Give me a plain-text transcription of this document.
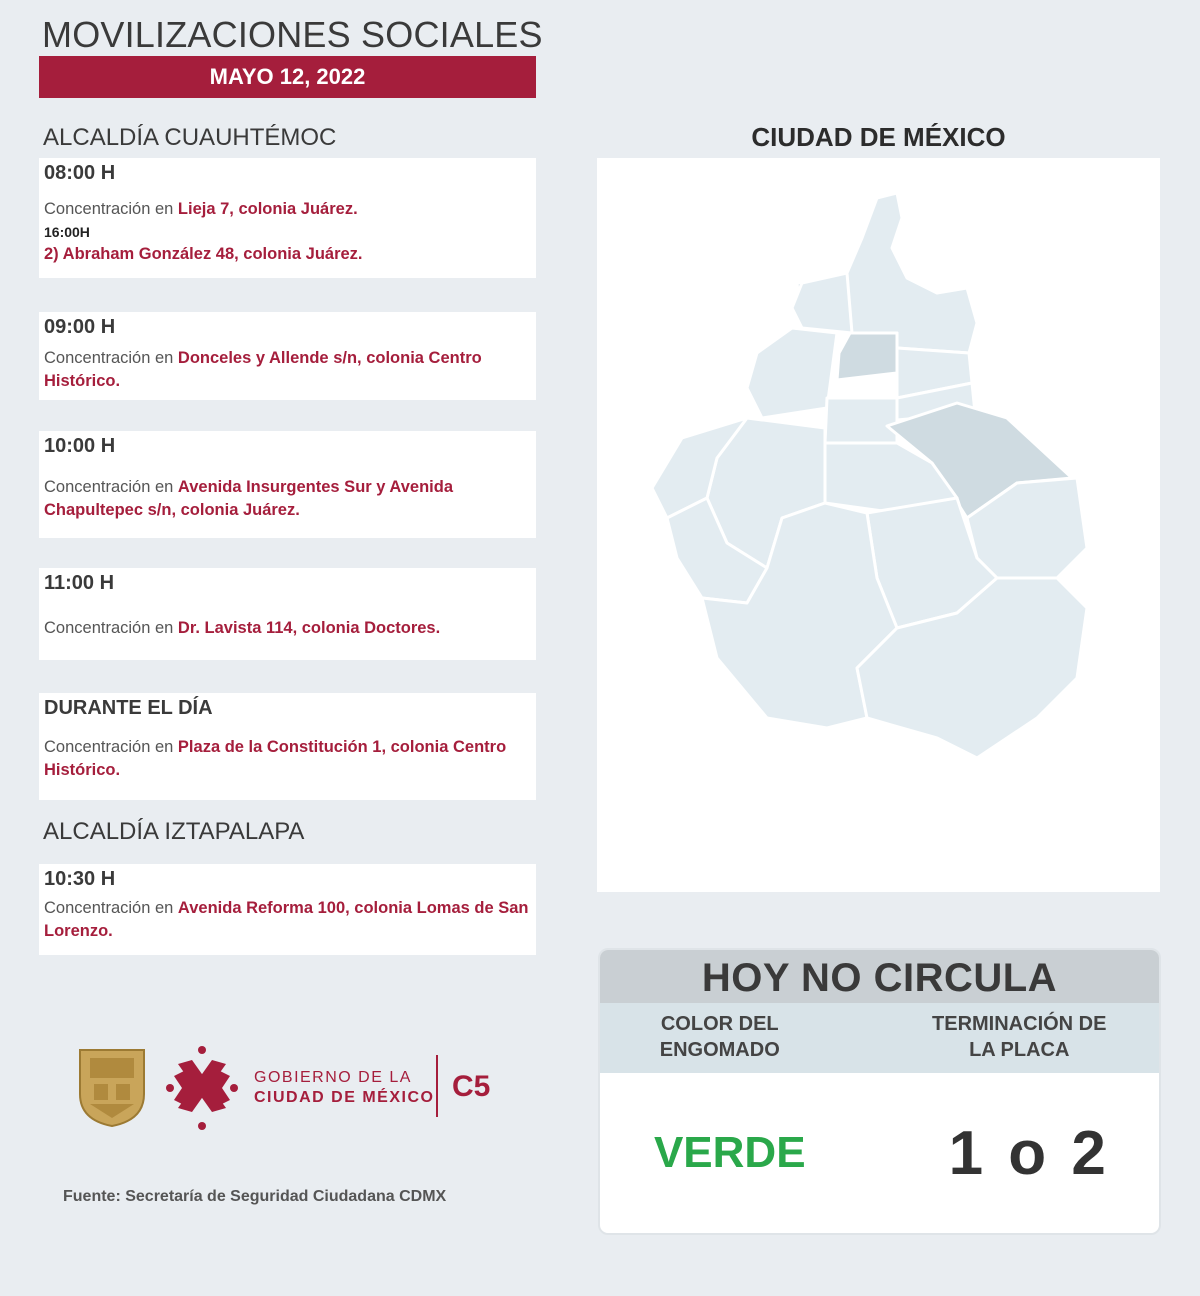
MOVILIZACIONES SOCIALES
MAYO 12, 2022
ALCALDÍA CUAUHTÉMOC
08:00 H
Concentración en Lieja 7, colonia Juárez.
16:00H
2) Abraham González 48, colonia Juárez.
09:00 H
Concentración en Donceles y Allende s/n, colonia Centro Histórico.
10:00 H
Concentración en Avenida Insurgentes Sur y Avenida Chapultepec s/n, colonia Juárez.
11:00 H
Concentración en Dr. Lavista 114, colonia Doctores.
DURANTE EL DÍA
Concentración en Plaza de la Constitución 1, colonia Centro Histórico.
ALCALDÍA IZTAPALAPA
10:30 H
Concentración en Avenida Reforma 100, colonia Lomas de San Lorenzo.
CIUDAD DE MÉXICO
HOY NO CIRCULA
COLOR DEL ENGOMADO
TERMINACIÓN DE LA PLACA
VERDE	1 o 2
GOBIERNO DE LA
CIUDAD DE MÉXICO C5
Fuente: Secretaría de Seguridad Ciudadana CDMX
